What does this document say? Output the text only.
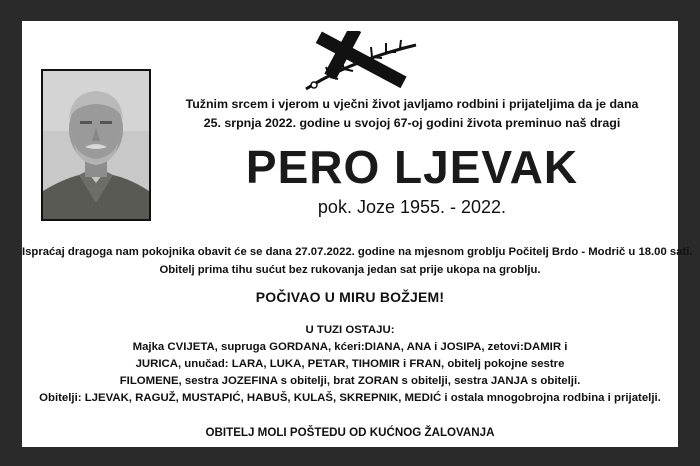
Tužnim srcem i vjerom u vječni život javljamo rodbini i prijateljima da je dana
25. srpnja 2022. godine u svojoj 67-oj godini života preminuo naš dragi
PERO LJEVAK
pok. Joze 1955. - 2022.
Ispraćaj dragoga nam pokojnika obavit će se dana 27.07.2022. godine na mjesnom groblju Počitelj Brdo - Modrič u 18.00 sati.
Obitelj prima tihu sućut bez rukovanja jedan sat prije ukopa na groblju.
POČIVAO U MIRU BOŽJEM!
U TUZI OSTAJU:
Majka CVIJETA, supruga GORDANA, kćeri:DIANA, ANA i JOSIPA, zetovi:DAMIR i
JURICA, unučad: LARA, LUKA, PETAR, TIHOMIR i FRAN, obitelj pokojne sestre
FILOMENE, sestra JOZEFINA s obitelji, brat ZORAN s obitelji, sestra JANJA s obitelji.
Obitelji: LJEVAK, RAGUŽ, MUSTAPIĆ, HABUŠ, KULAŠ, SKREPNIK, MEDIĆ i ostala mnogobrojna rodbina i prijatelji.
OBITELJ MOLI POŠTEDU OD KUĆNOG ŽALOVANJA
